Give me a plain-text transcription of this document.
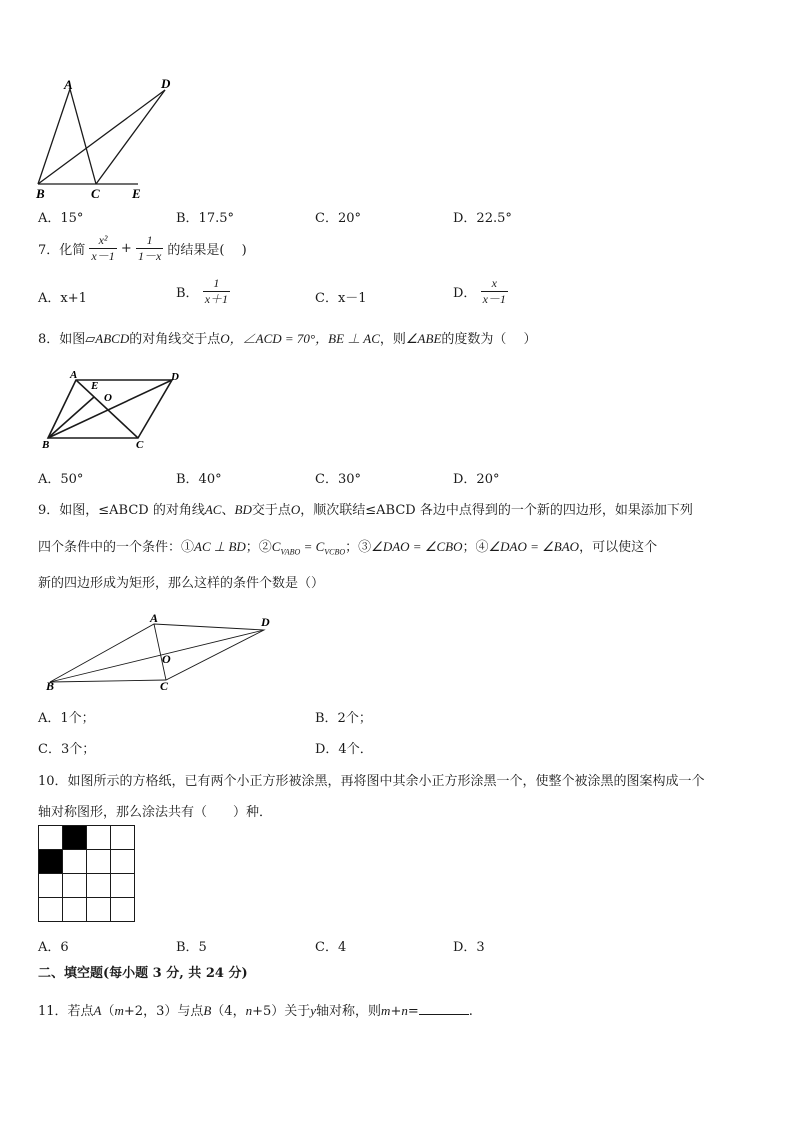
A	D
B	C E
A．15°	B．17.5°	C．20°	D．22.5°
7．化简 $\frac{\text{x²}}{x-1} + \frac{1}{1-x}$ 的结果是(　 )
A．x+1	B． $\frac{1}{x+1}$	C．x－1	D． $\frac{x}{x-1}$
8．如图▱ABCD的对角线交于点O，∠ACD = 70°，BE ⊥ AC，则∠ABE的度数为（　 ）
A
E
O
D
B	C
A．50°	B．40°	C．30°	D．20°
9．如图，≤ABCD 的对角线AC、BD交于点O，顺次联结≤ABCD 各边中点得到的一个新的四边形，如果添加下列
四个条件中的一个条件：①AC ⊥ BD；$②C_{VABO} = C_{VCBO}$；③∠DAO = ∠CBO；④∠DAO = ∠BAO，可以使这个
新的四边形成为矩形，那么这样的条件个数是（）
A	D
O
B	C
A．1个；	B．2个；
C．3个；	D．4个．
10．如图所示的方格纸，已有两个小正方形被涂黑，再将图中其余小正方形涂黑一个，使整个被涂黑的图案构成一个
轴对称图形，那么涂法共有（　　）种．

A．6	B．5	C．4	D．3
二、填空题(每小题 3 分, 共 24 分)
11．若点A（m+2，3）与点B（4，n+5）关于y轴对称，则m+n=	.
